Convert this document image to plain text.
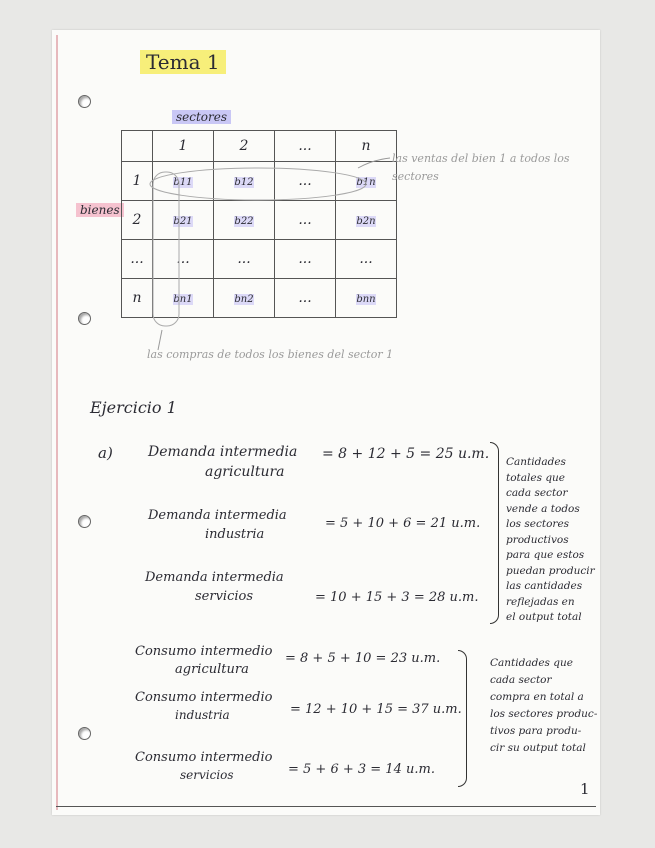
Tema 1
sectores
bienes
	1	2	...	n
1	b11	b12	...	b1n
2	b21	b22	...	b2n
...	...	...	...	...
n	bn1	bn2	...	bnn
las ventas del bien 1 a todos los sectores
las compras de todos los bienes del sector 1
Ejercicio 1
a)	Demanda intermedia
agricultura
= 8 + 12 + 5 = 25 u.m.
Demanda intermedia
industria
= 5 + 10 + 6 = 21 u.m.
Demanda intermedia
servicios	= 10 + 15 + 3 = 28 u.m.
Cantidades
totales que
cada sector
vende a todos
los sectores
productivos
para que estos
puedan producir
las cantidades
reflejadas en
el output total
Consumo intermedio
agricultura
= 8 + 5 + 10 = 23 u.m.
Consumo intermedio
industria	= 12 + 10 + 15 = 37 u.m.
Consumo intermedio
servicios	= 5 + 6 + 3 = 14 u.m.
Cantidades que
cada sector
compra en total a
los sectores produc-
tivos para produ-
cir su output total
1
